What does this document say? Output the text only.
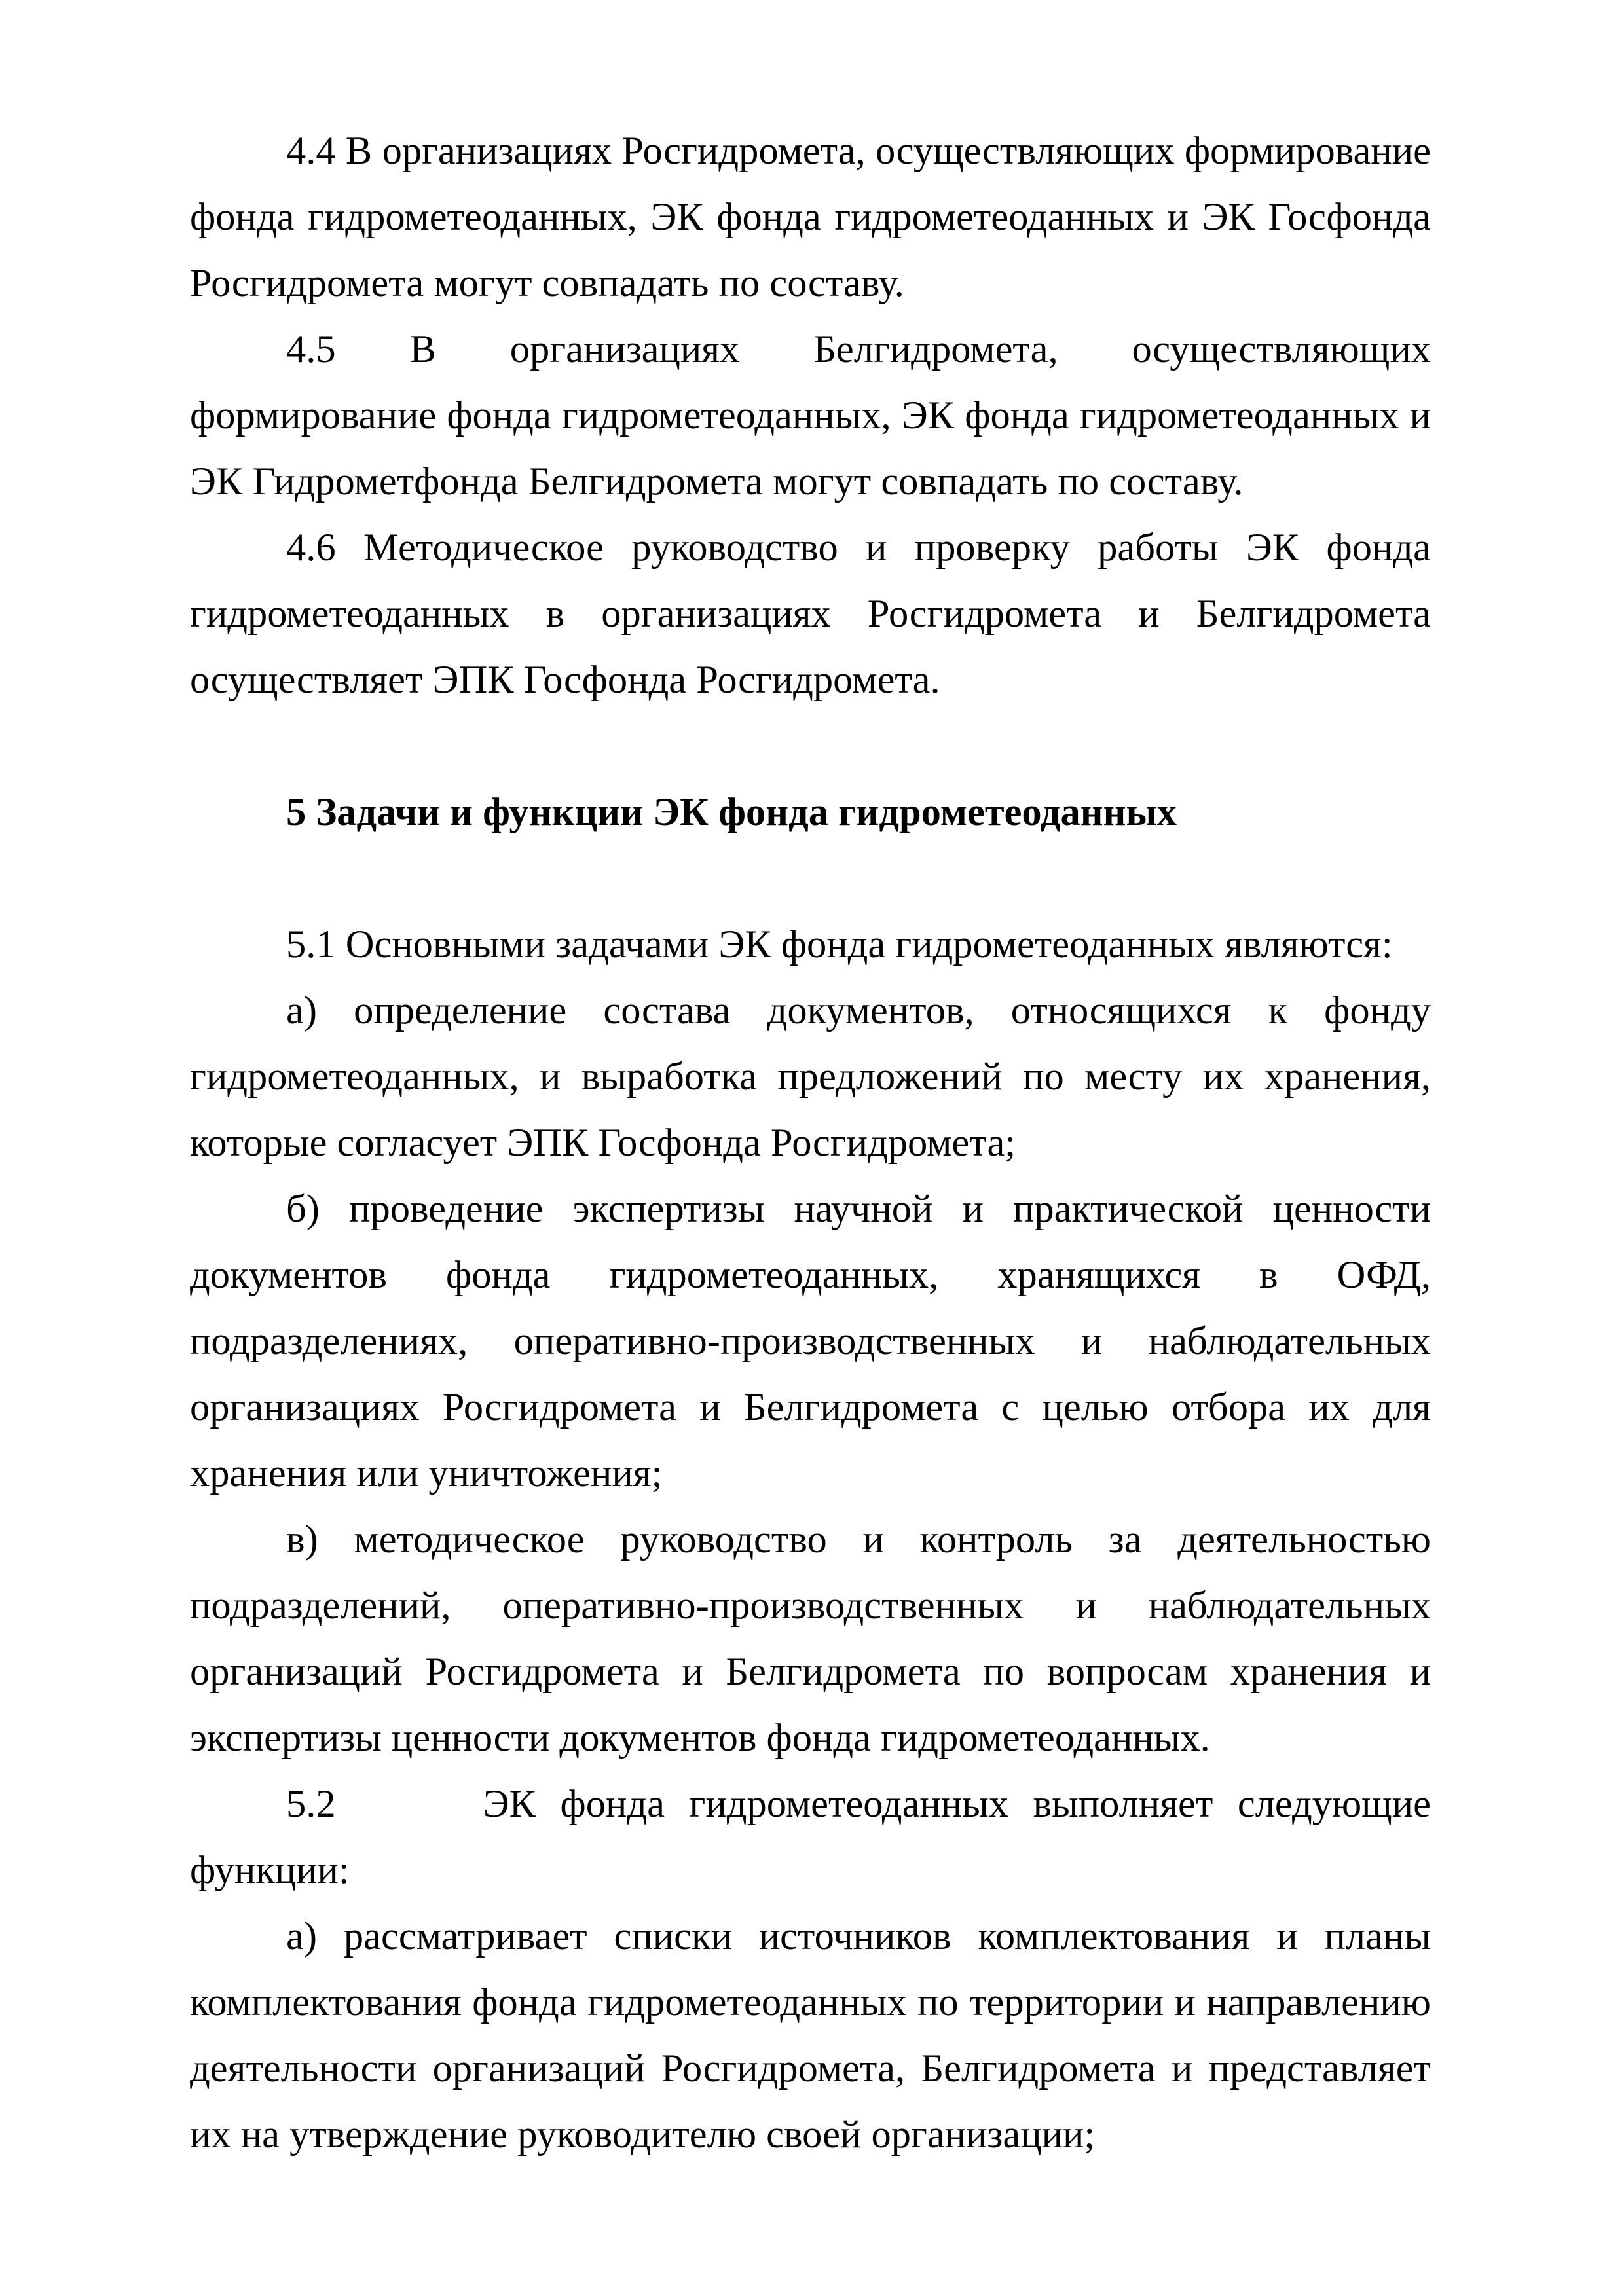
4.4 В организациях Росгидромета, осуществляющих формирование фонда гидрометеоданных, ЭК фонда гидрометеоданных и ЭК Госфонда Росгидромета могут совпадать по составу.

4.5 В организациях Белгидромета, осуществляющих формирование фонда гидрометеоданных, ЭК фонда гидрометеоданных и ЭК Гидрометфонда Белгидромета могут совпадать по составу.

4.6 Методическое руководство и проверку работы ЭК фонда гидрометеоданных в организациях Росгидромета и Белгидромета осуществляет ЭПК Госфонда Росгидромета.

5 Задачи и функции ЭК фонда гидрометеоданных

5.1 Основными задачами ЭК фонда гидрометеоданных являются:

а) определение состава документов, относящихся к фонду гидрометеоданных, и выработка предложений по месту их хранения, которые согласует ЭПК Госфонда Росгидромета;

б) проведение экспертизы научной и практической ценности документов фонда гидрометеоданных, хранящихся в ОФД, подразделениях, оперативно-производственных и наблюдательных организациях Росгидромета и Белгидромета с целью отбора их для хранения или уничтожения;

в) методическое руководство и контроль за деятельностью подразделений, оперативно-производственных и наблюдательных организаций Росгидромета и Белгидромета по вопросам хранения и экспертизы ценности документов фонда гидрометеоданных.

5.2      ЭК фонда гидрометеоданных выполняет следующие функции:

а) рассматривает списки источников комплектования и планы комплектования фонда гидрометеоданных по территории и направлению деятельности организаций Росгидромета, Белгидромета и представляет их на утверждение руководителю своей организации;
